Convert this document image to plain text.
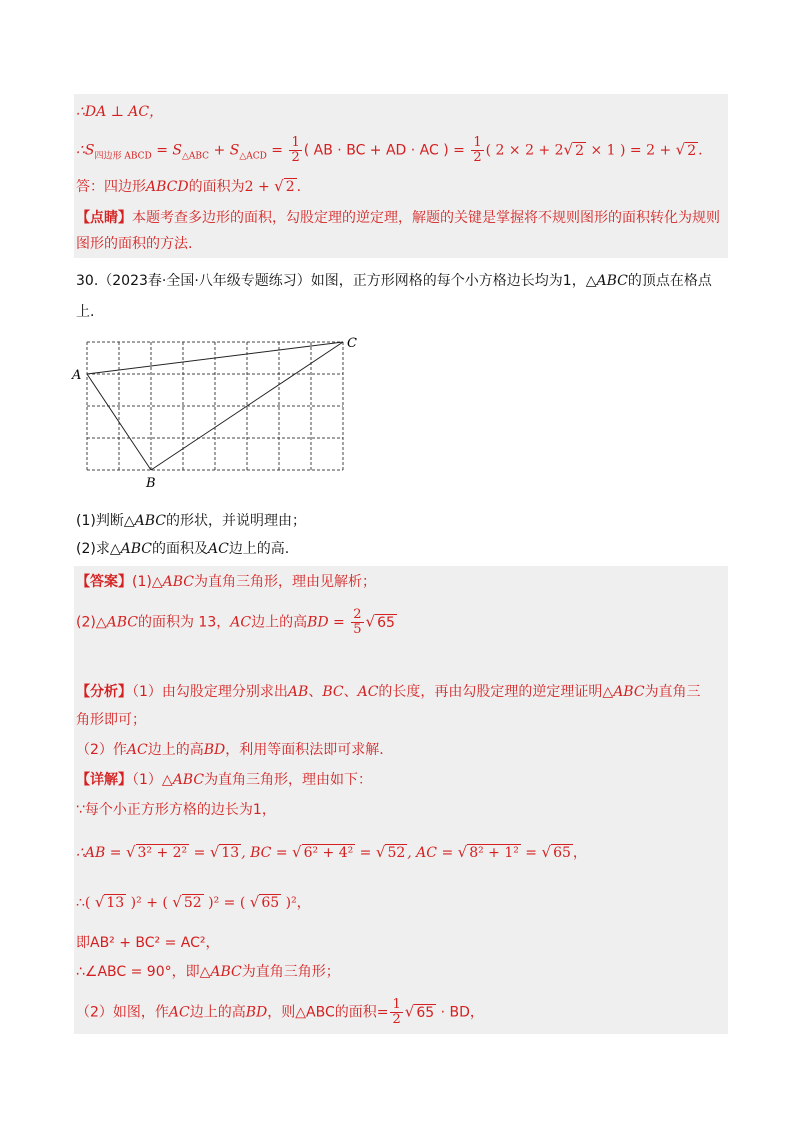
∴DA ⊥ AC，
$\therefore S_{四边形 ABCD} = S_{\triangle ABC} + S_{\triangle ACD} = \frac{1}{2}$ ( AB · BC + AD · AC ) = $\frac{1}{2}$ ( 2 × 2 + 2√ 2 × 1 ) = 2 + √ 2 .
答：四边形ABCD的面积为2 + √ 2 .
【点睛】本题考查多边形的面积，勾股定理的逆定理，解题的关键是掌握将不规则图形的面积转化为规则
图形的面积的方法.
30.（2023春·全国·八年级专题练习）如图，正方形网格的每个小方格边长均为1，△ABC的顶点在格点
上.
A
B
C
(1)判断△ABC的形状，并说明理由；
(2)求△ABC的面积及AC边上的高.
【答案】(1)△ABC为直角三角形，理由见解析；
(2)△ABC的面积为 13，AC边上的高BD = $\frac{2}{5}$ √ 65
【分析】（1）由勾股定理分别求出AB、BC、AC的长度，再由勾股定理的逆定理证明△ABC为直角三
角形即可；
（2）作AC边上的高BD，利用等面积法即可求解.
【详解】（1）△ABC为直角三角形，理由如下：
∵每个小正方形方格的边长为1，
∴AB = √ 3² + 2² = √ 13 , BC = √ 6² + 4² = √ 52 , AC = √ 8² + 1² = √ 65 ，
∴( √ 13 )² + ( √ 52 )² = ( √ 65 )²，
即AB² + BC² = AC²，
∴∠ABC = 90°，即△ABC为直角三角形；
（2）如图，作AC边上的高BD，则△ABC的面积= $\frac{1}{2}$ √ 65 · BD，
